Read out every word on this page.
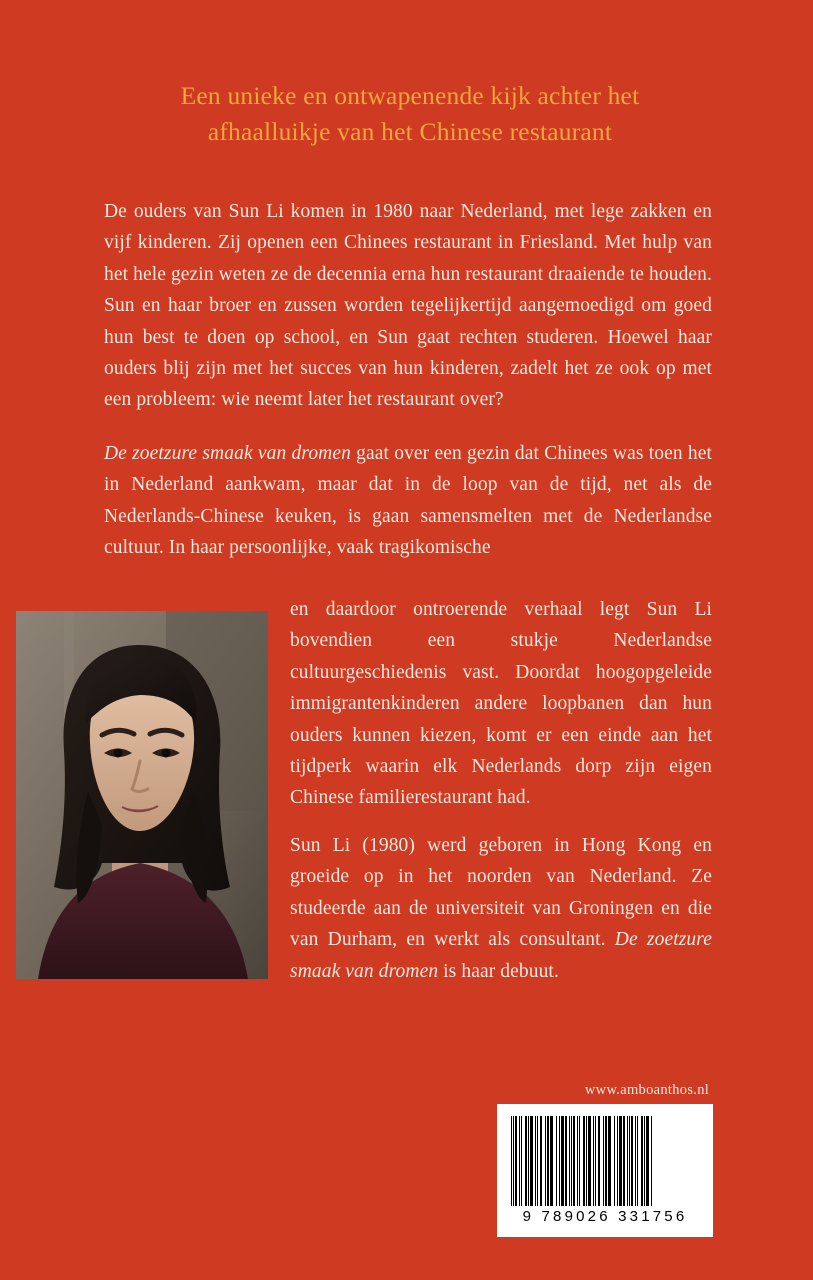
Een unieke en ontwapenende kijk achter het
afhaalluikje van het Chinese restaurant

De ouders van Sun Li komen in 1980 naar Nederland, met lege zakken en vijf kinderen. Zij openen een Chinees restaurant in Friesland. Met hulp van het hele gezin weten ze de decennia erna hun restaurant draaiende te houden. Sun en haar broer en zussen worden tegelijkertijd aangemoedigd om goed hun best te doen op school, en Sun gaat rechten studeren. Hoewel haar ouders blij zijn met het succes van hun kinderen, zadelt het ze ook op met een probleem: wie neemt later het restaurant over?

De zoetzure smaak van dromen gaat over een gezin dat Chinees was toen het in Nederland aankwam, maar dat in de loop van de tijd, net als de Nederlands-Chinese keuken, is gaan samensmelten met de Nederlandse cultuur. In haar persoonlijke, vaak tragikomische

en daardoor ontroerende verhaal legt Sun Li bovendien een stukje Nederlandse cultuurgeschiedenis vast. Doordat hoogopgeleide immigrantenkinderen andere loopbanen dan hun ouders kunnen kiezen, komt er een einde aan het tijdperk waarin elk Nederlands dorp zijn eigen Chinese familierestaurant had.

Sun Li (1980) werd geboren in Hong Kong en groeide op in het noorden van Nederland. Ze studeerde aan de universiteit van Groningen en die van Durham, en werkt als consultant. De zoetzure smaak van dromen is haar debuut.

www.amboanthos.nl
9 789026 331756
